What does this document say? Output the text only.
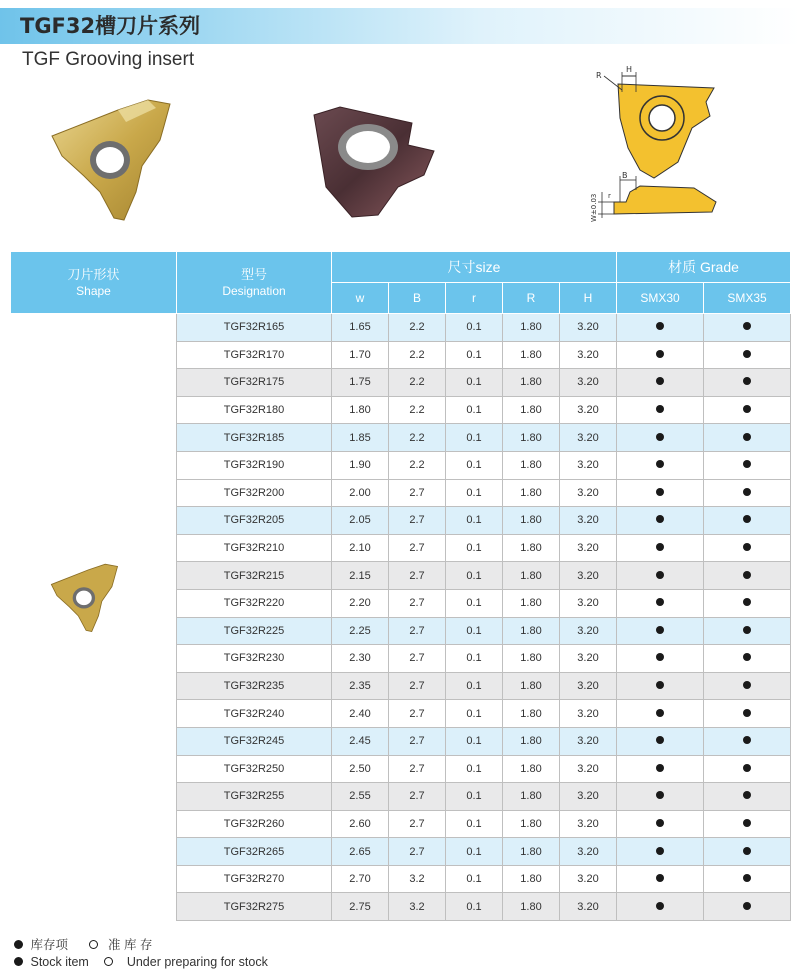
TGF32槽刀片系列
TGF Grooving insert
R
H
B
r
W±0.03
刀片形状
Shape	型号
Designation	尺寸size					材质 Grade	
		w	B	r	R	H	SMX30	SMX35

	TGF32R165	1.65	2.2	0.1	1.80	3.20		
	TGF32R170	1.70	2.2	0.1	1.80	3.20		
	TGF32R175	1.75	2.2	0.1	1.80	3.20		
	TGF32R180	1.80	2.2	0.1	1.80	3.20		
	TGF32R185	1.85	2.2	0.1	1.80	3.20		
	TGF32R190	1.90	2.2	0.1	1.80	3.20		
	TGF32R200	2.00	2.7	0.1	1.80	3.20		
	TGF32R205	2.05	2.7	0.1	1.80	3.20		
	TGF32R210	2.10	2.7	0.1	1.80	3.20		
	TGF32R215	2.15	2.7	0.1	1.80	3.20		
	TGF32R220	2.20	2.7	0.1	1.80	3.20		
	TGF32R225	2.25	2.7	0.1	1.80	3.20		
	TGF32R230	2.30	2.7	0.1	1.80	3.20		
	TGF32R235	2.35	2.7	0.1	1.80	3.20		
	TGF32R240	2.40	2.7	0.1	1.80	3.20		
	TGF32R245	2.45	2.7	0.1	1.80	3.20		
	TGF32R250	2.50	2.7	0.1	1.80	3.20		
	TGF32R255	2.55	2.7	0.1	1.80	3.20		
	TGF32R260	2.60	2.7	0.1	1.80	3.20		
	TGF32R265	2.65	2.7	0.1	1.80	3.20		
	TGF32R270	2.70	3.2	0.1	1.80	3.20		
	TGF32R275	2.75	3.2	0.1	1.80	3.20		
库存项	准 库 存
Stock item	Under preparing for stock
